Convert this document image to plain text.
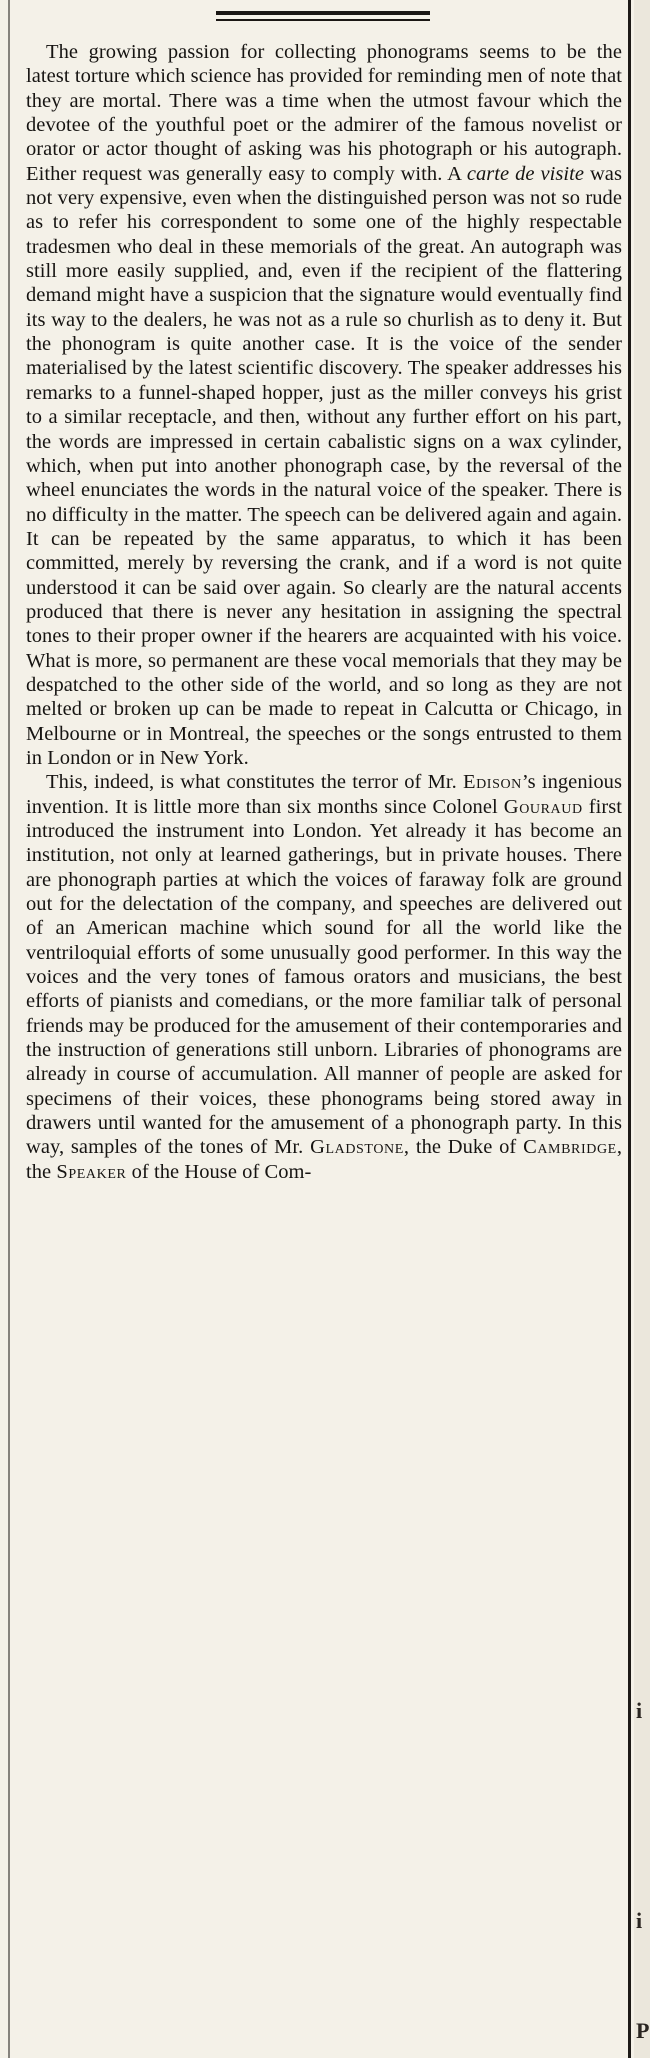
The growing passion for collecting phonograms seems to be the latest torture which science has provided for reminding men of note that they are mortal. There was a time when the utmost favour which the devotee of the youthful poet or the admirer of the famous novelist or orator or actor thought of asking was his photograph or his autograph. Either request was generally easy to comply with. A carte de visite was not very expensive, even when the distinguished person was not so rude as to refer his correspondent to some one of the highly respectable tradesmen who deal in these memorials of the great. An autograph was still more easily supplied, and, even if the recipient of the flattering demand might have a suspicion that the signature would eventually find its way to the dealers, he was not as a rule so churlish as to deny it. But the phonogram is quite another case. It is the voice of the sender materialised by the latest scientific discovery. The speaker addresses his remarks to a funnel-shaped hopper, just as the miller conveys his grist to a similar receptacle, and then, without any further effort on his part, the words are impressed in certain cabalistic signs on a wax cylinder, which, when put into another phonograph case, by the reversal of the wheel enunciates the words in the natural voice of the speaker. There is no difficulty in the matter. The speech can be delivered again and again. It can be repeated by the same apparatus, to which it has been committed, merely by reversing the crank, and if a word is not quite understood it can be said over again. So clearly are the natural accents produced that there is never any hesitation in assigning the spectral tones to their proper owner if the hearers are acquainted with his voice. What is more, so permanent are these vocal memorials that they may be despatched to the other side of the world, and so long as they are not melted or broken up can be made to repeat in Calcutta or Chicago, in Melbourne or in Montreal, the speeches or the songs entrusted to them in London or in New York.

This, indeed, is what constitutes the terror of Mr. Edison’s ingenious invention. It is little more than six months since Colonel Gouraud first introduced the instrument into London. Yet already it has become an institution, not only at learned gatherings, but in private houses. There are phonograph parties at which the voices of faraway folk are ground out for the delectation of the company, and speeches are delivered out of an American machine which sound for all the world like the ventriloquial efforts of some unusually good performer. In this way the voices and the very tones of famous orators and musicians, the best efforts of pianists and comedians, or the more familiar talk of personal friends may be produced for the amusement of their contemporaries and the instruction of generations still unborn. Libraries of phonograms are already in course of accumulation. All manner of people are asked for specimens of their voices, these phonograms being stored away in drawers until wanted for the amusement of a phonograph party. In this way, samples of the tones of Mr. Gladstone, the Duke of Cambridge, the Speaker of the House of Com-

i
i
P
